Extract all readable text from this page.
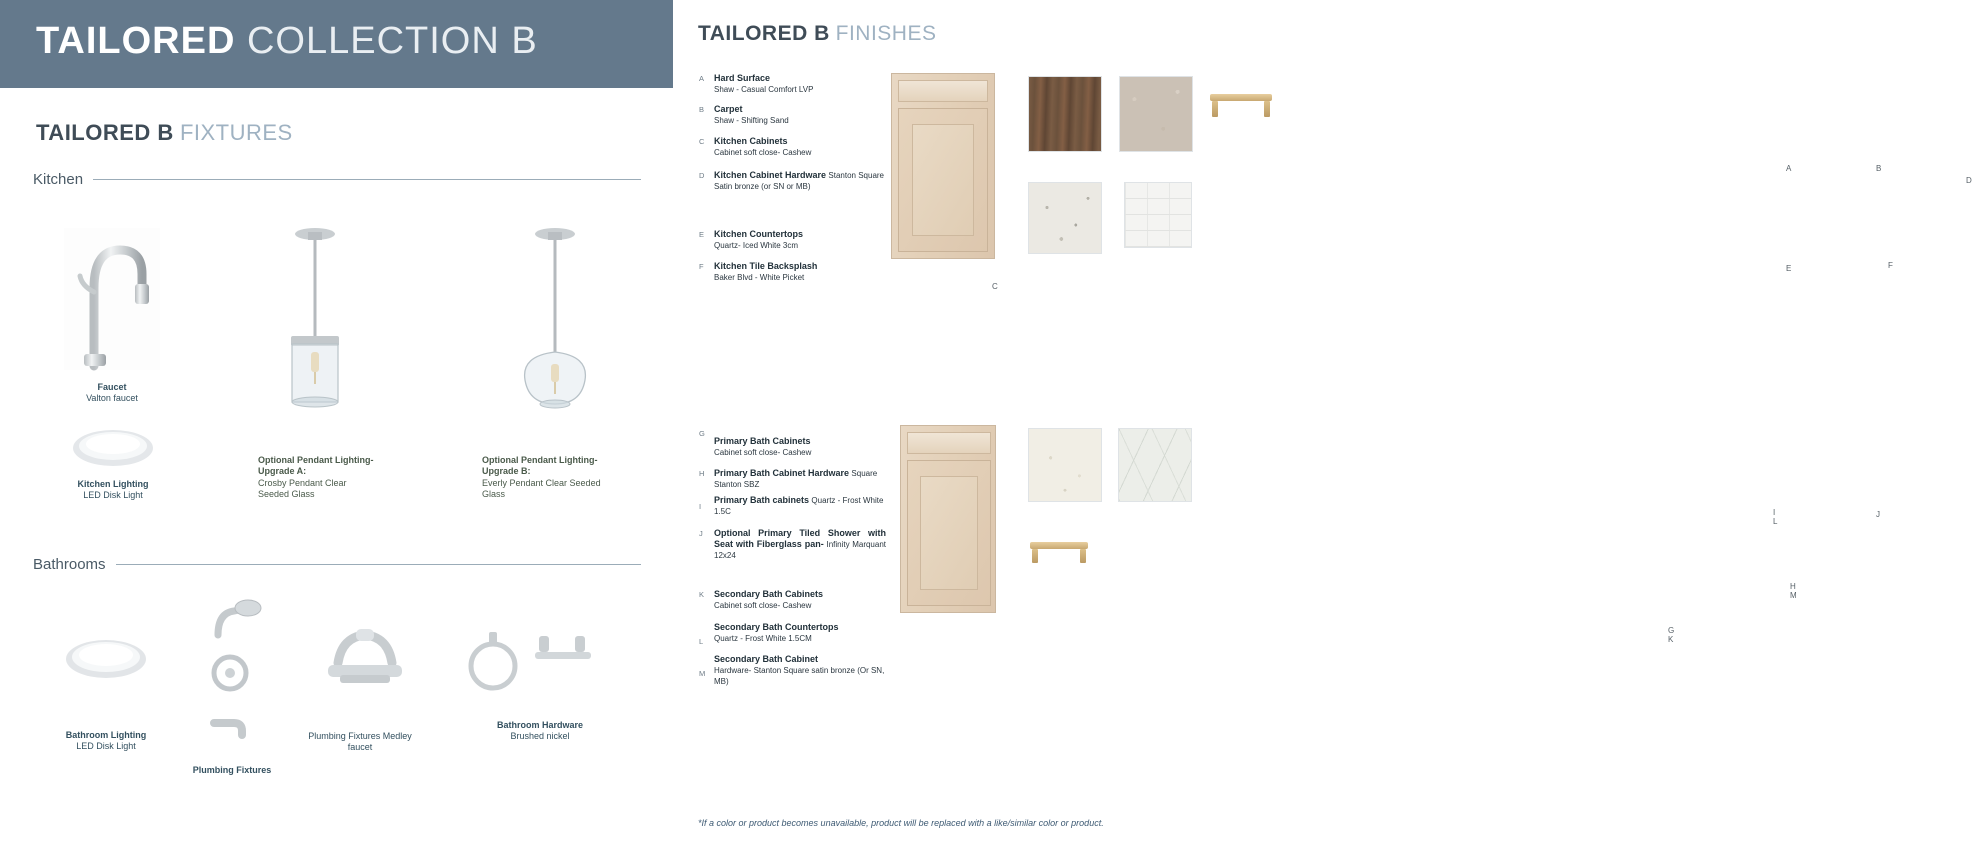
TAILORED COLLECTION B
TAILORED B FIXTURES
Kitchen
Bathrooms
Faucet
Valton faucet
Kitchen Lighting
LED Disk Light
Optional Pendant Lighting- Upgrade A:
Crosby Pendant Clear Seeded Glass
Optional Pendant Lighting- Upgrade B:
Everly Pendant Clear Seeded Glass
Bathroom Lighting
LED Disk Light
Plumbing Fixtures
Plumbing Fixtures Medley
faucet
Bathroom Hardware
Brushed nickel
TAILORED B FINISHES
A Hard Surface
Shaw - Casual Comfort LVP
B Carpet
Shaw - Shifting Sand
C Kitchen Cabinets
Cabinet soft close- Cashew
D Kitchen Cabinet Hardware Stanton Square Satin bronze (or SN or MB)
E Kitchen Countertops
Quartz- Iced White 3cm
F Kitchen Tile Backsplash
Baker Blvd - White Picket
C
A	B
D
E	F
G
Primary Bath Cabinets
Cabinet soft close- Cashew
H Primary Bath Cabinet Hardware Square Stanton SBZ
I
Primary Bath cabinets Quartz - Frost White 1.5C
J Optional Primary Tiled Shower with Seat with Fiberglass pan- Infinity Marquant 12x24
K Secondary Bath Cabinets
Cabinet soft close- Cashew
L
Secondary Bath Countertops
Quartz - Frost White 1.5CM
M
Secondary Bath Cabinet
Hardware- Stanton Square satin bronze (Or SN, MB)
G K
I L
J
H M
*If a color or product becomes unavailable, product will be replaced with a like/similar color or product.
